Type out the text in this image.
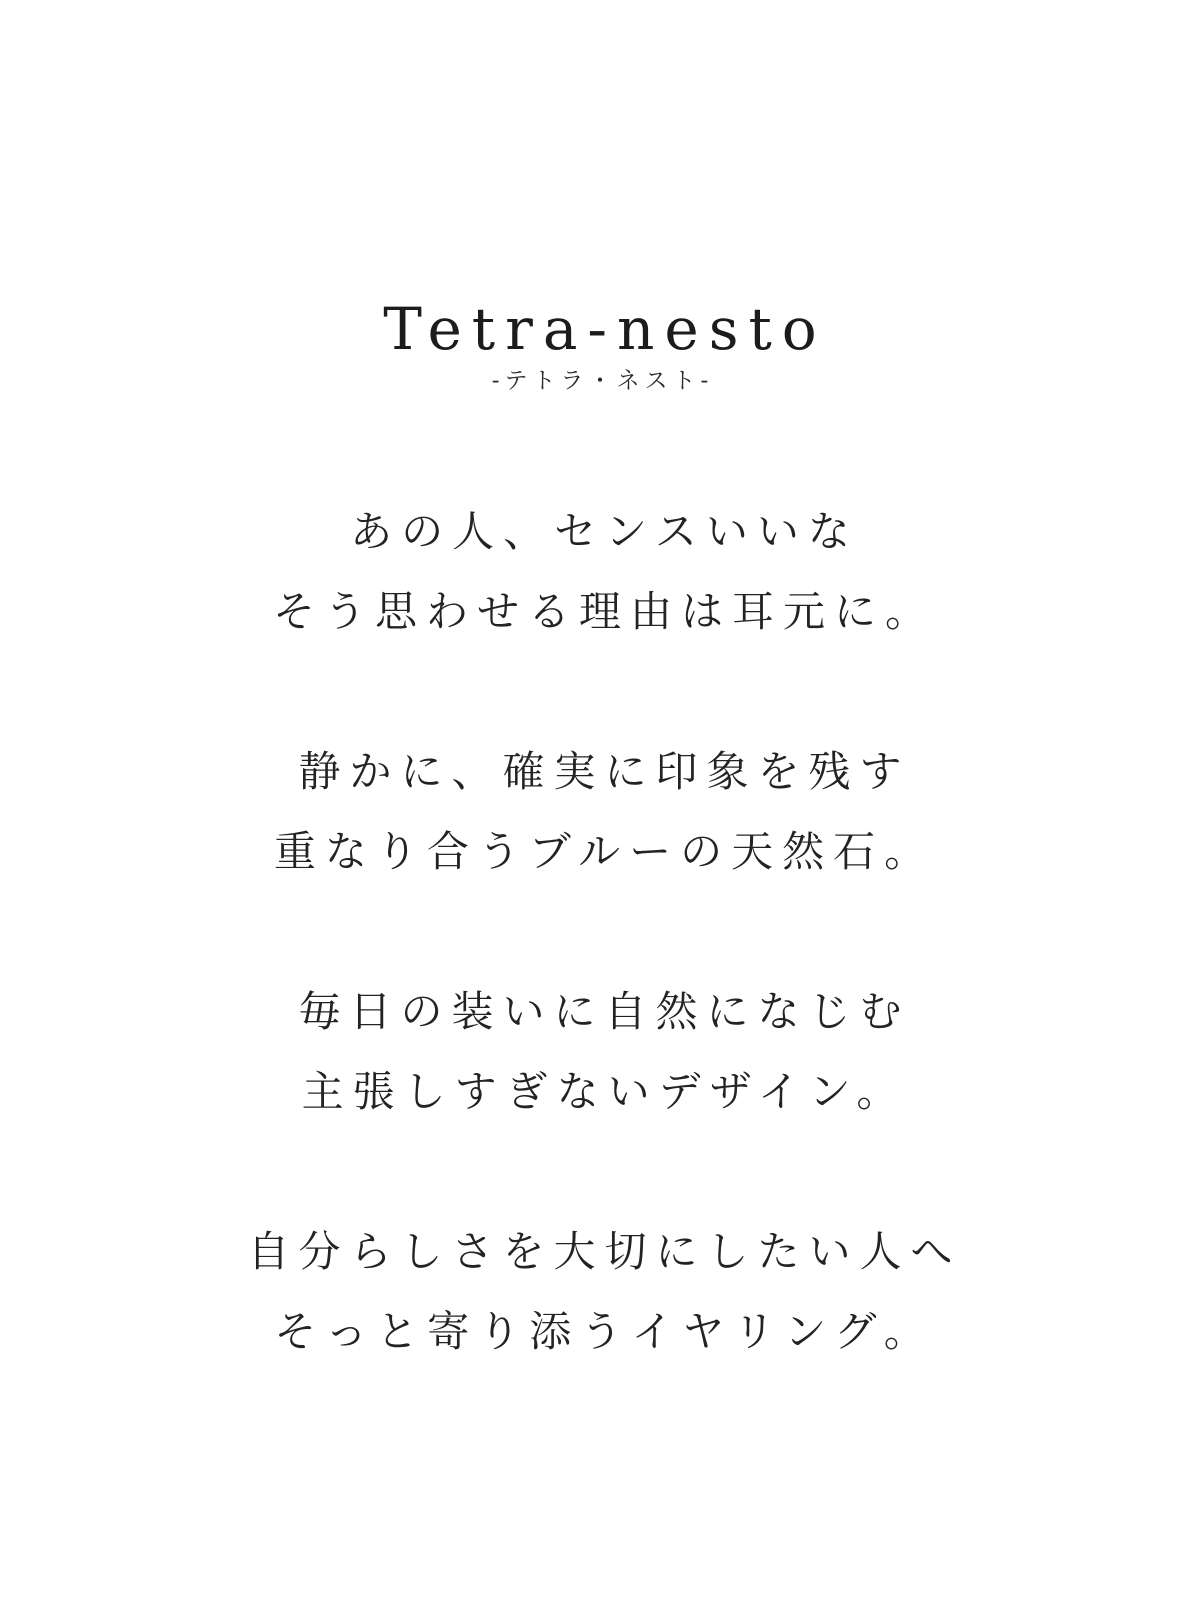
Tetra-nesto

-テトラ・ネスト-

あの人、センスいいな
そう思わせる理由は耳元に。
静かに、確実に印象を残す
重なり合うブルーの天然石。
毎日の装いに自然になじむ
主張しすぎないデザイン。
自分らしさを大切にしたい人へ
そっと寄り添うイヤリング。
